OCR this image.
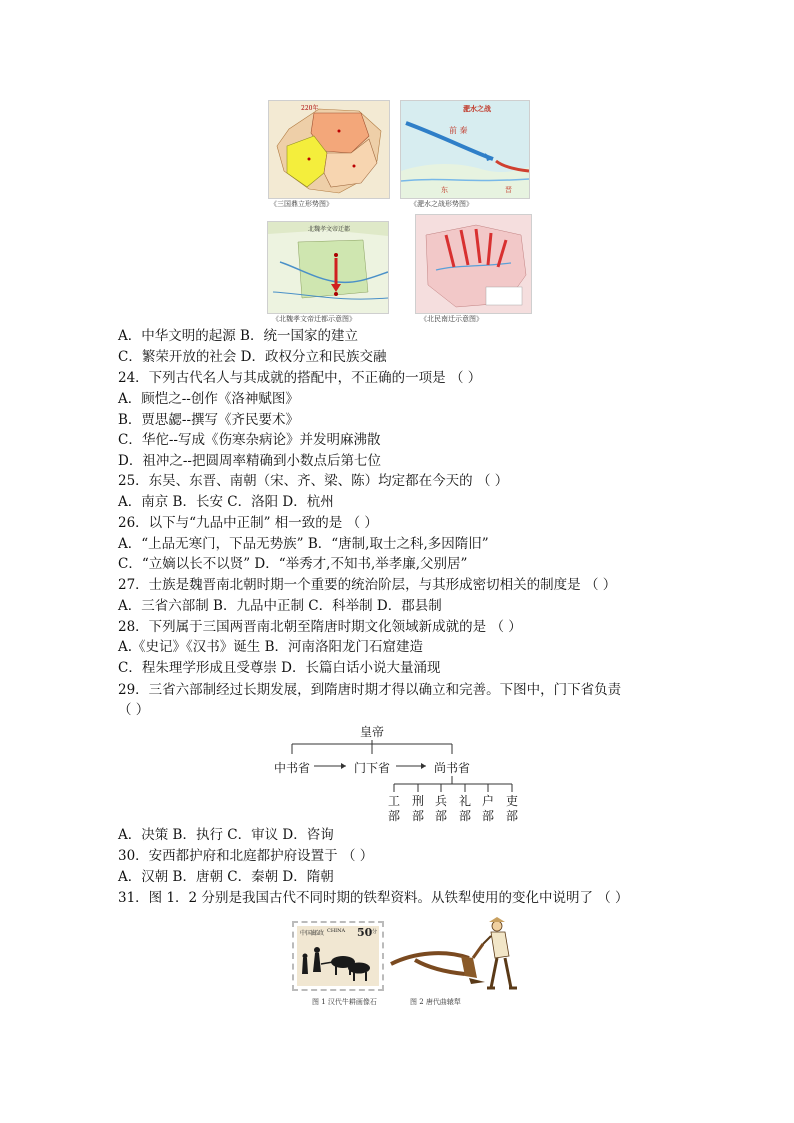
220年
《三国鼎立形势图》
淝水之战
前 秦
东	晋
《淝水之战形势图》
北魏孝文帝迁都
《北魏孝文帝迁都示意图》	《北民南迁示意图》
A．中华文明的起源 B．统一国家的建立
C．繁荣开放的社会 D．政权分立和民族交融
24．下列古代名人与其成就的搭配中，不正确的一项是 （ ）
A．顾恺之--创作《洛神赋图》
B．贾思勰--撰写《齐民要术》
C．华佗--写成《伤寒杂病论》并发明麻沸散
D．祖冲之--把圆周率精确到小数点后第七位
25．东吴、东晋、南朝（宋、齐、梁、陈）均定都在今天的 （ ）
A．南京 B．长安 C．洛阳 D．杭州
26．以下与“九品中正制” 相一致的是 （ ）
A．“上品无寒门，下品无势族” B．“唐制,取士之科,多因隋旧”
C．“立嫡以长不以贤” D．“举秀才,不知书,举孝廉,父别居”
27．士族是魏晋南北朝时期一个重要的统治阶层，与其形成密切相关的制度是 （ ）
A．三省六部制 B．九品中正制 C．科举制 D．郡县制
28．下列属于三国两晋南北朝至隋唐时期文化领域新成就的是 （ ）
A.《史记》《汉书》诞生 B．河南洛阳龙门石窟建造
C．程朱理学形成且受尊崇 D．长篇白话小说大量涌现
29．三省六部制经过长期发展，到隋唐时期才得以确立和完善。下图中，门下省负责
（ ）
皇帝
中书省	门下省	尚书省
工部
刑部
兵部
礼部
户部
吏部
A．决策 B．执行 C．审议 D．咨询
30．安西都护府和北庭都护府设置于 （ ）
A．汉朝 B．唐朝 C．秦朝 D．隋朝
31．图 1．2 分别是我国古代不同时期的铁犁资料。从铁犁使用的变化中说明了 （ ）
中国邮政 CHINA 50 分
图 1 汉代牛耕画像石	图 2 唐代曲辕犁
